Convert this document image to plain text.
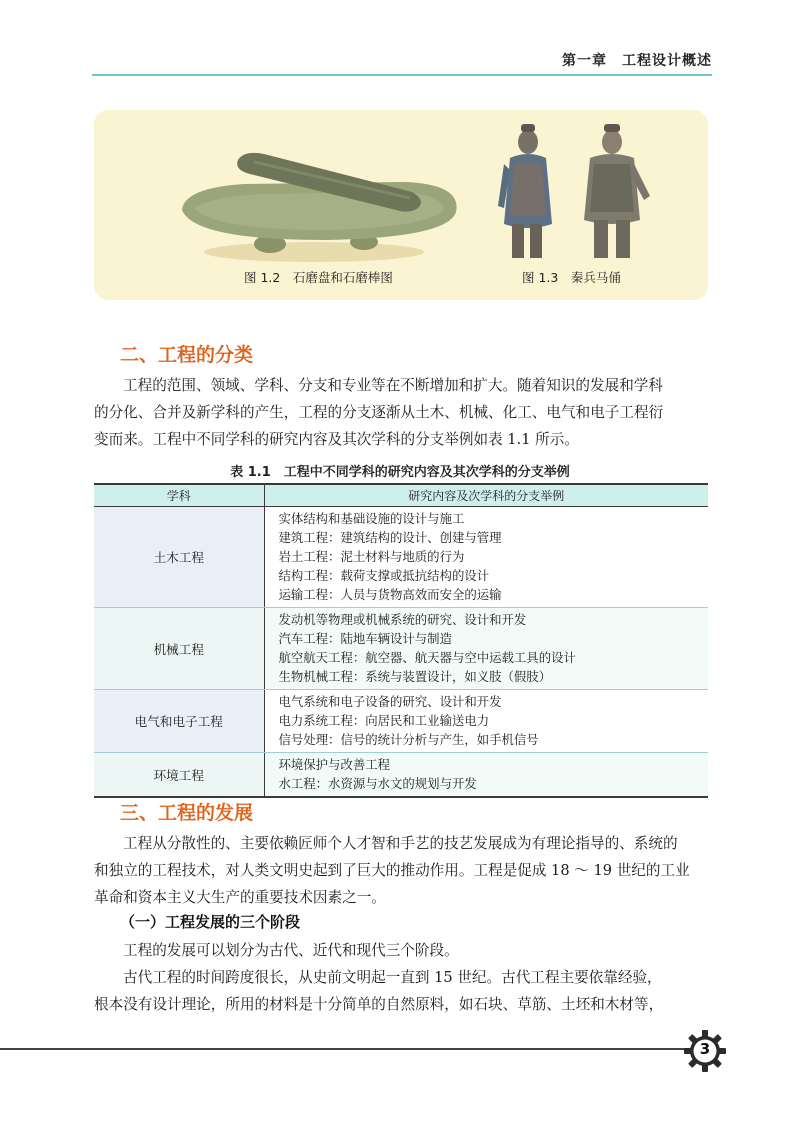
第一章　工程设计概述
图 1.2　石磨盘和石磨棒图	图 1.3　秦兵马俑
二、工程的分类
工程的范围、领域、学科、分支和专业等在不断增加和扩大。随着知识的发展和学科
的分化、合并及新学科的产生，工程的分支逐渐从土木、机械、化工、电气和电子工程衍
变而来。工程中不同学科的研究内容及其次学科的分支举例如表 1.1 所示。
表 1.1　工程中不同学科的研究内容及其次学科的分支举例
学科	研究内容及次学科的分支举例
土木工程	实体结构和基础设施的设计与施工
建筑工程：建筑结构的设计、创建与管理
岩土工程：泥土材料与地质的行为
结构工程：载荷支撑或抵抗结构的设计
运输工程：人员与货物高效而安全的运输

机械工程	发动机等物理或机械系统的研究、设计和开发
汽车工程：陆地车辆设计与制造
航空航天工程：航空器、航天器与空中运载工具的设计
生物机械工程：系统与装置设计，如义肢（假肢）

电气和电子工程	电气系统和电子设备的研究、设计和开发
电力系统工程：向居民和工业输送电力
信号处理：信号的统计分析与产生，如手机信号

环境工程	环境保护与改善工程
水工程：水资源与水文的规划与开发
三、工程的发展
工程从分散性的、主要依赖匠师个人才智和手艺的技艺发展成为有理论指导的、系统的
和独立的工程技术，对人类文明史起到了巨大的推动作用。工程是促成 18 ～ 19 世纪的工业
革命和资本主义大生产的重要技术因素之一。
（一）工程发展的三个阶段
工程的发展可以划分为古代、近代和现代三个阶段。
古代工程的时间跨度很长，从史前文明起一直到 15 世纪。古代工程主要依靠经验，
根本没有设计理论，所用的材料是十分简单的自然原料，如石块、草筋、土坯和木材等，
3
